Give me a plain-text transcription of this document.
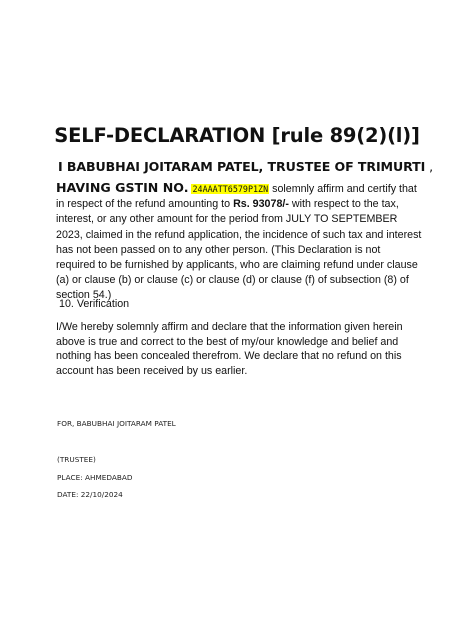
SELF-DECLARATION [rule 89(2)(l)]
I BABUBHAI JOITARAM PATEL, TRUSTEE OF TRIMURTI ,
HAVING GSTIN NO. 24AAATT6579P1ZN solemnly affirm and certify that in respect of the refund amounting to Rs. 93078/- with respect to the tax, interest, or any other amount for the period from JULY TO SEPTEMBER 2023, claimed in the refund application, the incidence of such tax and interest has not been passed on to any other person. (This Declaration is not required to be furnished by applicants, who are claiming refund under clause (a) or clause (b) or clause (c) or clause (d) or clause (f) of subsection (8) of section 54.)
10. Verification
I/We hereby solemnly affirm and declare that the information given herein above is true and correct to the best of my/our knowledge and belief and nothing has been concealed therefrom. We declare that no refund on this account has been received by us earlier.
FOR, BABUBHAI JOITARAM PATEL
(TRUSTEE)
PLACE: AHMEDABAD
DATE: 22/10/2024
